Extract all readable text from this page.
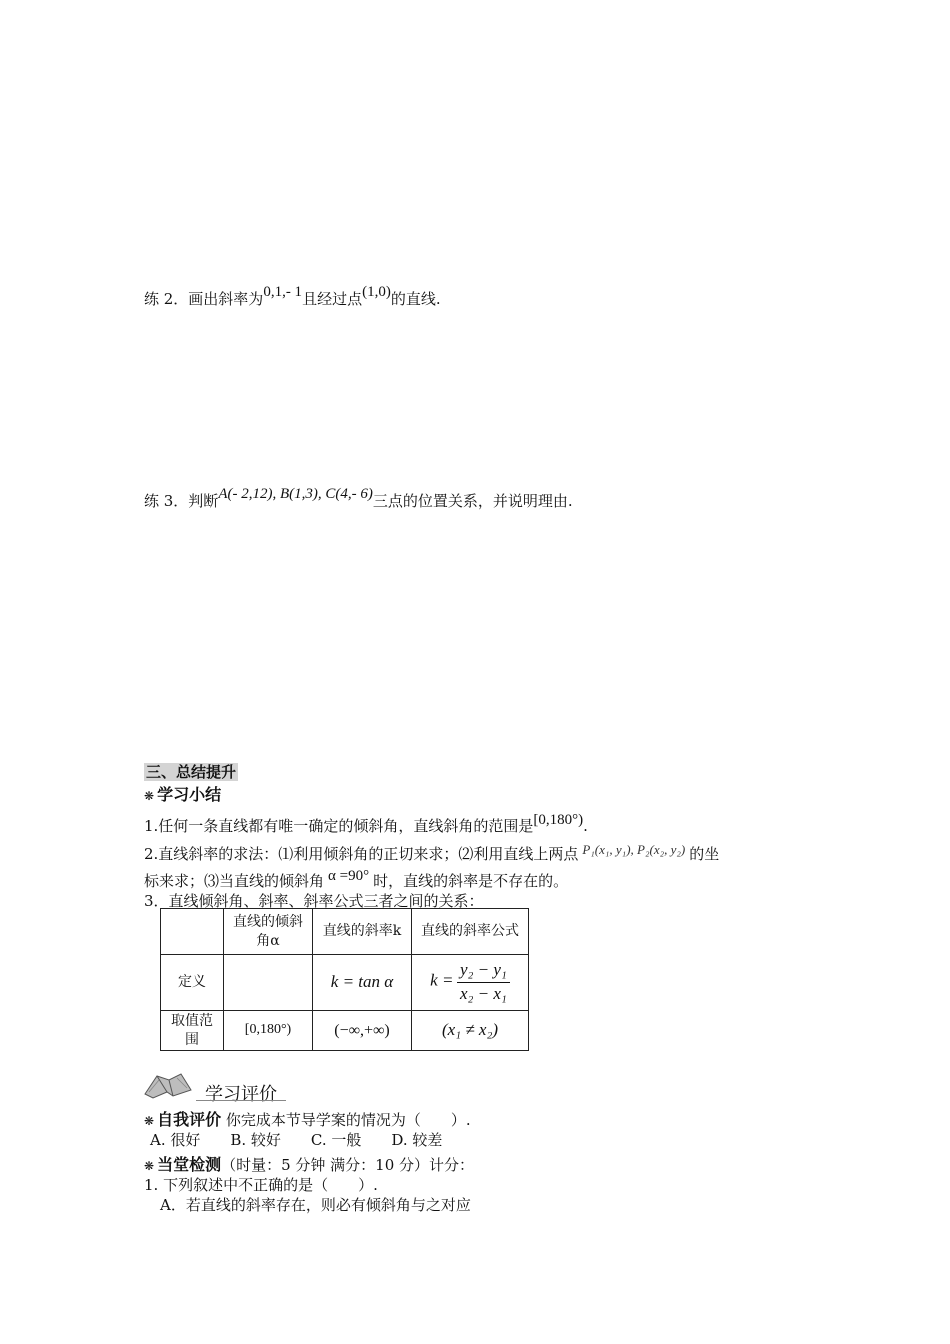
练 2．画出斜率为0,1,- 1且经过点(1,0)的直线.
练 3．判断A(- 2,12), B(1,3), C(4,- 6)三点的位置关系，并说明理由.
三、总结提升
❋ 学习小结
1.任何一条直线都有唯一确定的倾斜角，直线斜角的范围是[0,180°).
2.直线斜率的求法：⑴利用倾斜角的正切来求；⑵利用直线上两点 P₁(x₁, y₁), P₂(x₂, y₂) 的坐
标来求；⑶当直线的倾斜角 α =90° 时，直线的斜率是不存在的。
3．直线倾斜角、斜率、斜率公式三者之间的关系：
	直线的倾斜角α	直线的斜率k	直线的斜率公式
定义		k = tan α	$k = \frac{\text{y₂ − y₁}}{\text{x₂ − x₁}}$

取值范围	[0,180°)	(−∞,+∞)	(x₁ ≠ x₂)
学习评价
❋ 自我评价 你完成本节导学案的情况为（　　）.
A. 很好　　B. 较好　　C. 一般　　D. 较差
❋ 当堂检测（时量：5 分钟 满分：10 分）计分：
1. 下列叙述中不正确的是（　　）.
A．若直线的斜率存在，则必有倾斜角与之对应
